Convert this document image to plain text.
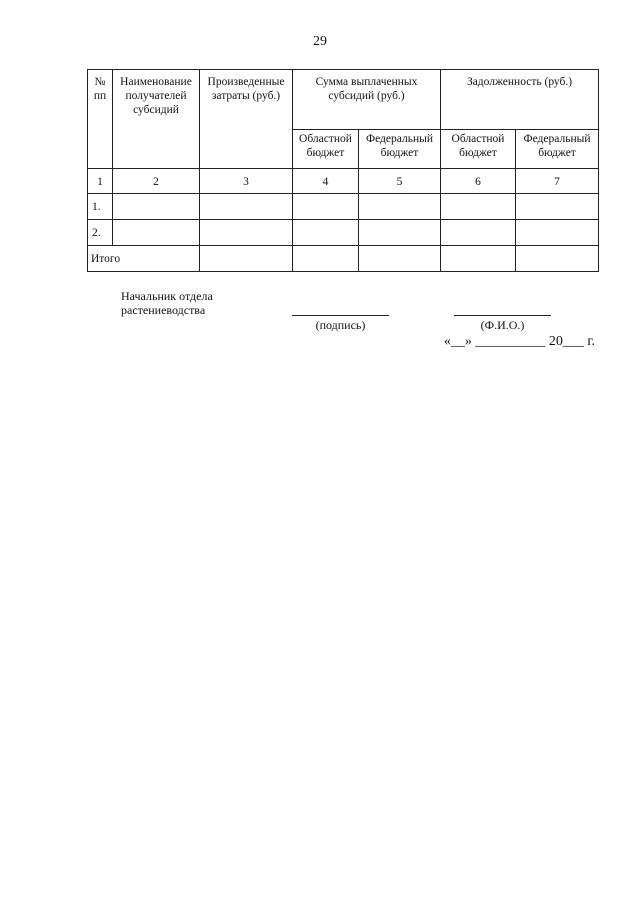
29
№ пп	Наименование получателей субсидий	Произведенные затраты (руб.)	Сумма выплаченных субсидий (руб.)		Задолженность (руб.)	
			Областной бюджет	Федеральный бюджет	Областной бюджет	Федеральный бюджет
1	2	3	4	5	6	7
1.						
2.						
Итого						
Начальник отдела растениеводства
(подпись)	(Ф.И.О.)
«__» __________ 20___ г.
